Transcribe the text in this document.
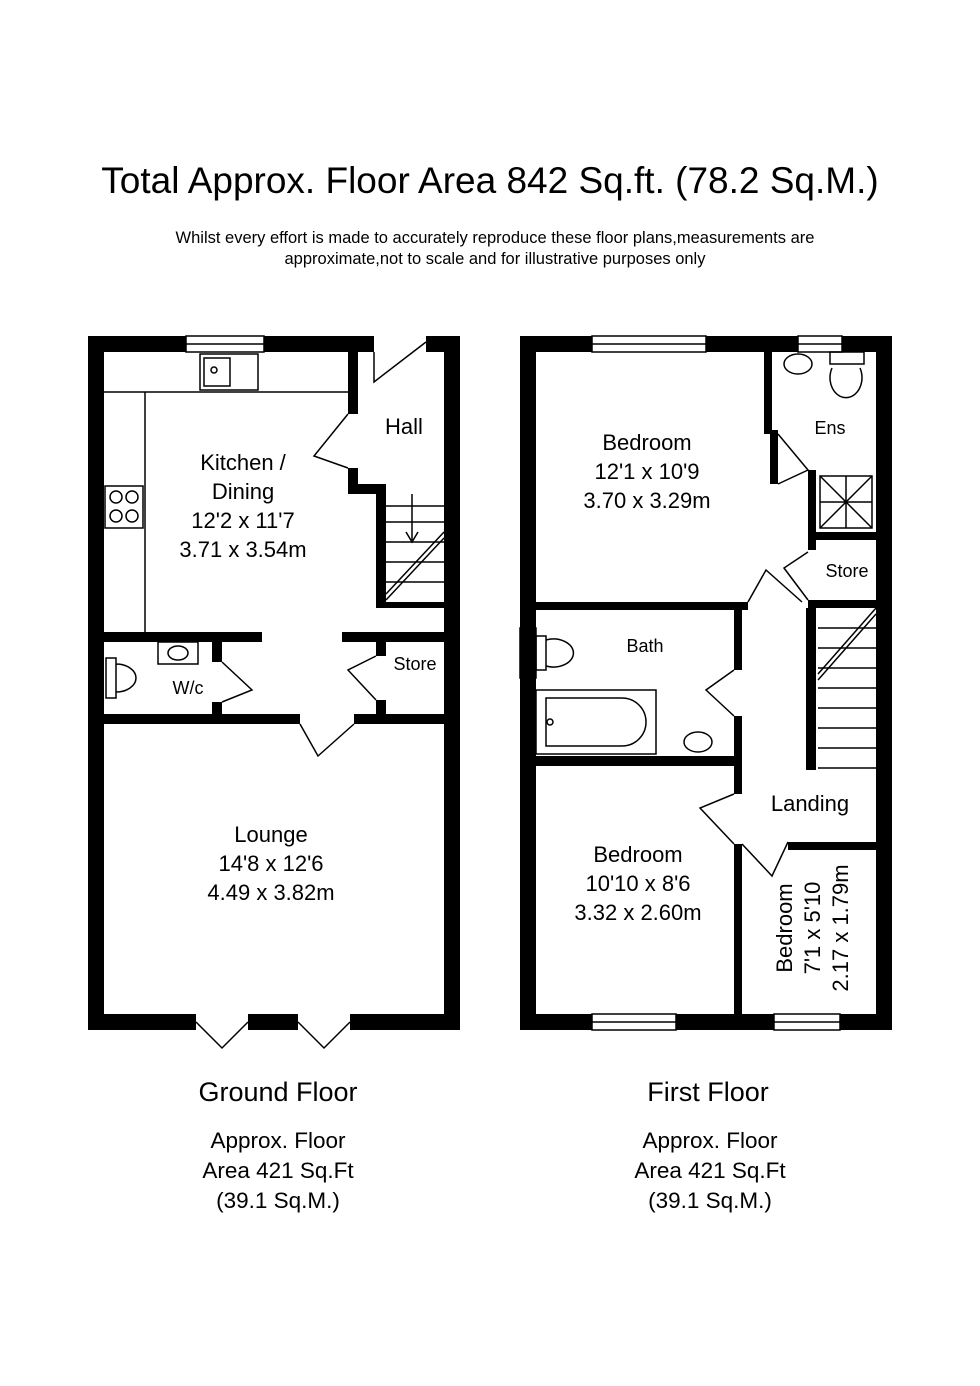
Total Approx. Floor Area 842 Sq.ft. (78.2 Sq.M.)
Whilst every effort is made to accurately reproduce these floor plans,measurements are
approximate,not to scale and for illustrative purposes only
Kitchen /
Dining
12'2 x 11'7
3.71 x 3.54m
Hall
W/c
Store
Lounge
14'8 x 12'6
4.49 x 3.82m
Bedroom
12'1 x 10'9
3.70 x 3.29m
Ens
Store
Bath
Landing
Bedroom
10'10 x 8'6
3.32 x 2.60m	Bedroom 7'1 x 5'10 2.17 x 1.79m
Ground Floor
Approx. Floor
Area 421 Sq.Ft
(39.1 Sq.M.)
First Floor
Approx. Floor
Area 421 Sq.Ft
(39.1 Sq.M.)
